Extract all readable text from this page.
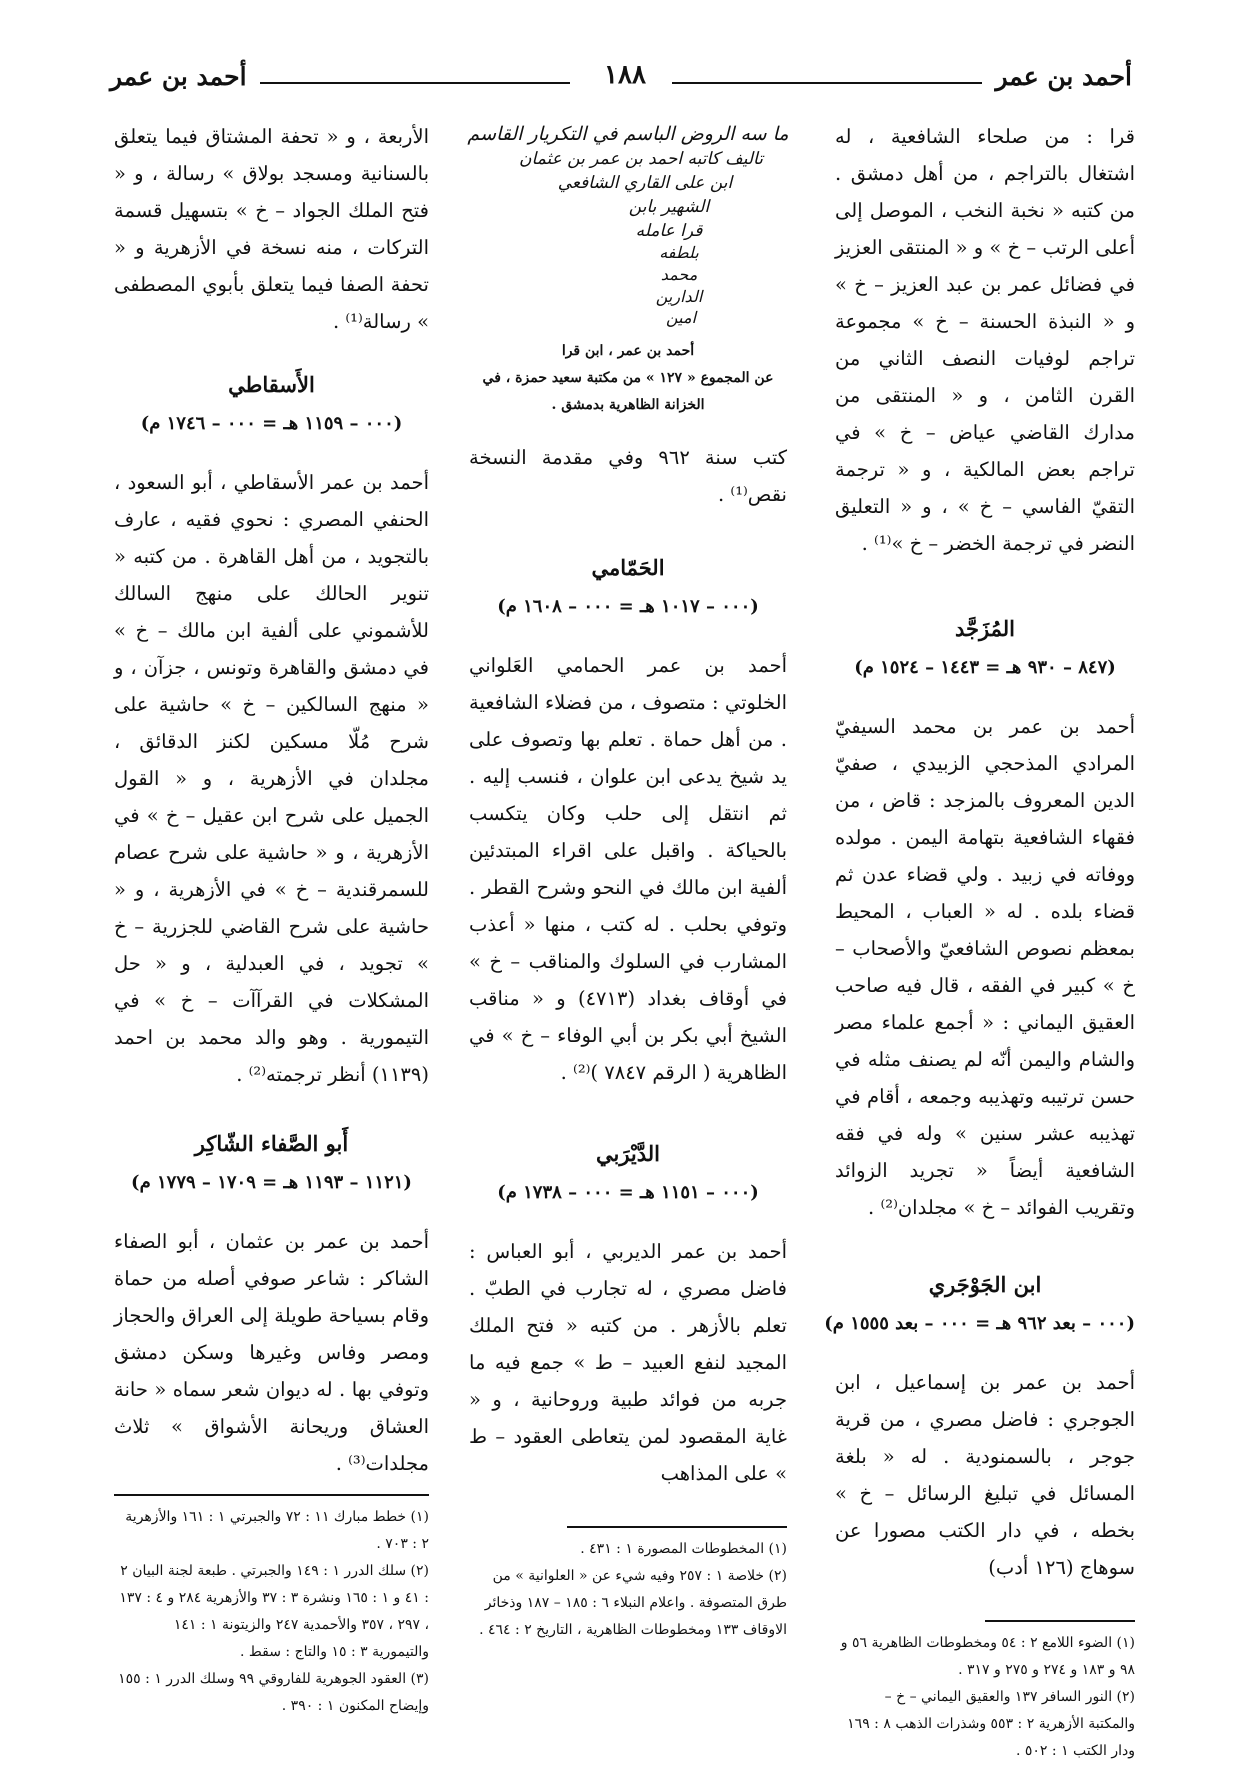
أحمد بن عمر
١٨٨
أحمد بن عمر

قرا : من صلحاء الشافعية ، له اشتغال بالتراجم ، من أهل دمشق . من كتبه « نخبة النخب ، الموصل إلى أعلى الرتب – خ » و « المنتقى العزيز في فضائل عمر بن عبد العزيز – خ » و « النبذة الحسنة – خ » مجموعة تراجم لوفيات النصف الثاني من القرن الثامن ، و « المنتقى من مدارك القاضي عياض – خ » في تراجم بعض المالكية ، و « ترجمة التقيّ الفاسي – خ » ، و « التعليق النضر في ترجمة الخضر – خ »⁽¹⁾ .

المُزَجَّد
(٨٤٧ – ٩٣٠ هـ = ١٤٤٣ – ١٥٢٤ م)

أحمد بن عمر بن محمد السيفيّ المرادي المذحجي الزبيدي ، صفيّ الدين المعروف بالمزجد : قاض ، من فقهاء الشافعية بتهامة اليمن . مولده ووفاته في زبيد . ولي قضاء عدن ثم قضاء بلده . له « العباب ، المحيط بمعظم نصوص الشافعيّ والأصحاب – خ » كبير في الفقه ، قال فيه صاحب العقيق اليماني : « أجمع علماء مصر والشام واليمن أنّه لم يصنف مثله في حسن ترتيبه وتهذيبه وجمعه ، أقام في تهذيبه عشر سنين » وله في فقه الشافعية أيضاً « تجريد الزوائد وتقريب الفوائد – خ » مجلدان⁽²⁾ .

ابن الجَوْجَري
(٠٠٠ – بعد ٩٦٢ هـ = ٠٠٠ – بعد ١٥٥٥ م)

أحمد بن عمر بن إسماعيل ، ابن الجوجري : فاضل مصري ، من قرية جوجر ، بالسمنودية . له « بلغة المسائل في تبليغ الرسائل – خ » بخطه ، في دار الكتب مصورا عن سوهاج (١٢٦ أدب)

(١) الضوء اللامع ٢ : ٥٤ ومخطوطات الظاهرية ٥٦ و ٩٨ و ١٨٣ و ٢٧٤ و ٢٧٥ و ٣١٧ .

(٢) النور السافر ١٣٧ والعقيق اليماني – خ – والمكتبة الأزهرية ٢ : ٥٥٣ وشذرات الذهب ٨ : ١٦٩ ودار الكتب ١ : ٥٠٢ .

ما سه الروض الباسم في التكريار القاسم
تاليف كاتبه احمد بن عمر بن عثمان
ابن على القاري الشافعي
الشهير بابن
قرا عامله
بلطفه
محمد
الدارين
امين
أحمد بن عمر ، ابن قرا
عن المجموع « ١٢٧ » من مكتبة سعيد حمزة ، في الخزانة الظاهرية بدمشق .

كتب سنة ٩٦٢ وفي مقدمة النسخة نقص⁽¹⁾ .

الحَمّامي
(٠٠٠ – ١٠١٧ هـ = ٠٠٠ – ١٦٠٨ م)

أحمد بن عمر الحمامي العَلواني الخلوتي : متصوف ، من فضلاء الشافعية . من أهل حماة . تعلم بها وتصوف على يد شيخ يدعى ابن علوان ، فنسب إليه . ثم انتقل إلى حلب وكان يتكسب بالحياكة . واقبل على اقراء المبتدئين ألفية ابن مالك في النحو وشرح القطر . وتوفي بحلب . له كتب ، منها « أعذب المشارب في السلوك والمناقب – خ » في أوقاف بغداد (٤٧١٣) و « مناقب الشيخ أبي بكر بن أبي الوفاء – خ » في الظاهرية ( الرقم ٧٨٤٧ )⁽²⁾ .

الدَّيْرَبي
(٠٠٠ – ١١٥١ هـ = ٠٠٠ – ١٧٣٨ م)

أحمد بن عمر الديربي ، أبو العباس : فاضل مصري ، له تجارب في الطبّ . تعلم بالأزهر . من كتبه « فتح الملك المجيد لنفع العبيد – ط » جمع فيه ما جربه من فوائد طبية وروحانية ، و « غاية المقصود لمن يتعاطى العقود – ط » على المذاهب

(١) المخطوطات المصورة ١ : ٤٣١ .

(٢) خلاصة ١ : ٢٥٧ وفيه شيء عن « العلوانية » من طرق المتصوفة . واعلام النبلاء ٦ : ١٨٥ – ١٨٧ وذخائر الاوقاف ١٣٣ ومخطوطات الظاهرية ، التاريخ ٢ : ٤٦٤ .

الأربعة ، و « تحفة المشتاق فيما يتعلق بالسنانية ومسجد بولاق » رسالة ، و « فتح الملك الجواد – خ » بتسهيل قسمة التركات ، منه نسخة في الأزهرية و « تحفة الصفا فيما يتعلق بأبوي المصطفى » رسالة⁽¹⁾ .

الأَسقاطي
(٠٠٠ – ١١٥٩ هـ = ٠٠٠ – ١٧٤٦ م)

أحمد بن عمر الأسقاطي ، أبو السعود ، الحنفي المصري : نحوي فقيه ، عارف بالتجويد ، من أهل القاهرة . من كتبه « تنوير الحالك على منهج السالك للأشموني على ألفية ابن مالك – خ » في دمشق والقاهرة وتونس ، جزآن ، و « منهج السالكين – خ » حاشية على شرح مُلّا مسكين لكنز الدقائق ، مجلدان في الأزهرية ، و « القول الجميل على شرح ابن عقيل – خ » في الأزهرية ، و « حاشية على شرح عصام للسمرقندية – خ » في الأزهرية ، و « حاشية على شرح القاضي للجزرية – خ » تجويد ، في العبدلية ، و « حل المشكلات في القرآآت – خ » في التيمورية . وهو والد محمد بن احمد (١١٣٩) أنظر ترجمته⁽²⁾ .

أَبو الصَّفاء الشّاكِر
(١١٢١ – ١١٩٣ هـ = ١٧٠٩ – ١٧٧٩ م)

أحمد بن عمر بن عثمان ، أبو الصفاء الشاكر : شاعر صوفي أصله من حماة وقام بسياحة طويلة إلى العراق والحجاز ومصر وفاس وغيرها وسكن دمشق وتوفي بها . له ديوان شعر سماه « حانة العشاق وريحانة الأشواق » ثلاث مجلدات⁽³⁾ .

(١) خطط مبارك ١١ : ٧٢ والجبرتي ١ : ١٦١ والأزهرية ٢ : ٧٠٣ .

(٢) سلك الدرر ١ : ١٤٩ والجبرتي . طبعة لجنة البيان ٢ : ٤١ و ١ : ١٦٥ ونشرة ٣ : ٣٧ والأزهرية ٢٨٤ و ٤ : ١٣٧ ، ٢٩٧ ، ٣٥٧ والأحمدية ٢٤٧ والزيتونة ١ : ١٤١ والتيمورية ٣ : ١٥ والتاج : سقط .

(٣) العقود الجوهرية للفاروقي ٩٩ وسلك الدرر ١ : ١٥٥ وإيضاح المكنون ١ : ٣٩٠ .
